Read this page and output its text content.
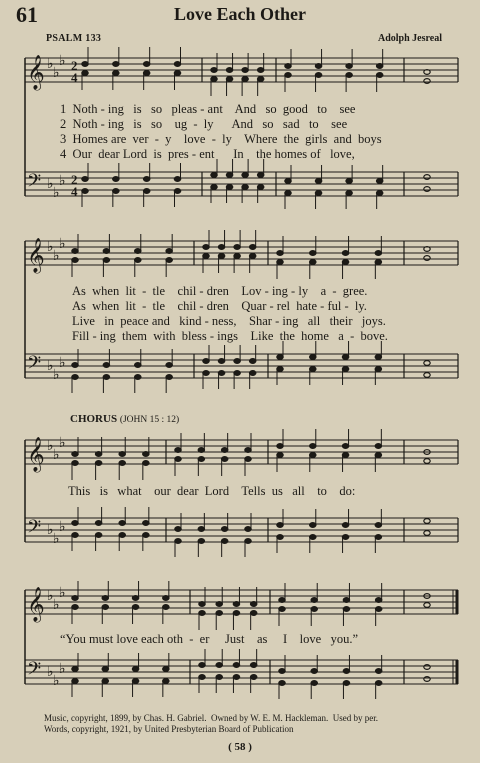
61	Love Each Other
PSALM 133	Adolph Jesreal
𝄞 ♭
♭
♭ 2
4
𝄢 ♭
♭
♭ 2
4
𝄞 ♭
♭
♭
𝄢 ♭
♭
♭
𝄞 ♭
♭
♭
𝄢 ♭
♭
♭
𝄞 ♭
♭
♭
𝄢 ♭
♭
♭
1  Noth - ing   is   so   pleas - ant    And   so  good   to    see
2  Noth - ing   is   so    ug  -  ly      And   so   sad   to    see
3  Homes are  ver  -  y    love  -  ly    Where  the  girls  and  boys
4  Our  dear Lord  is  pres - ent      In    the homes of   love,
As  when  lit  -  tle    chil - dren    Lov - ing - ly    a  -  gree.
As  when  lit  -  tle    chil - dren    Quar - rel  hate - ful -  ly.
Live   in  peace and   kind - ness,    Shar - ing   all   their   joys.
Fill - ing  them  with  bless - ings    Like  the  home   a  -  bove.
CHORUS (JOHN 15 : 12)
This   is   what    our  dear  Lord    Tells  us   all    to    do:
“You must love each oth  -  er     Just    as     I    love   you.”
Music, copyright, 1899, by Chas. H. Gabriel.  Owned by W. E. M. Hackleman.  Used by per.
Words, copyright, 1921, by United Presbyterian Board of Publication
( 58 )
